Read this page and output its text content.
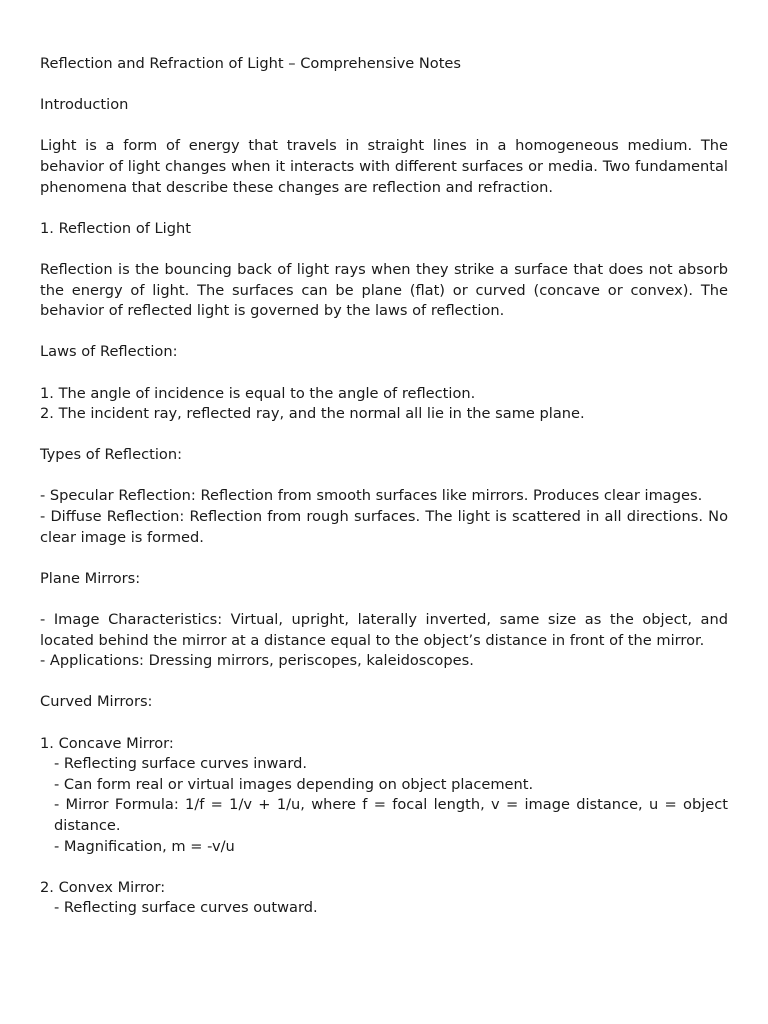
Reflection and Refraction of Light – Comprehensive Notes

Introduction

Light is a form of energy that travels in straight lines in a homogeneous medium. The behavior of light changes when it interacts with different surfaces or media. Two fundamental phenomena that describe these changes are reflection and refraction.

1. Reflection of Light

Reflection is the bouncing back of light rays when they strike a surface that does not absorb the energy of light. The surfaces can be plane (flat) or curved (concave or convex). The behavior of reflected light is governed by the laws of reflection.

Laws of Reflection:

1. The angle of incidence is equal to the angle of reflection.
2. The incident ray, reflected ray, and the normal all lie in the same plane.

Types of Reflection:

- Specular Reflection: Reflection from smooth surfaces like mirrors. Produces clear images.
- Diffuse Reflection: Reflection from rough surfaces. The light is scattered in all directions. No clear image is formed.

Plane Mirrors:

- Image Characteristics: Virtual, upright, laterally inverted, same size as the object, and located behind the mirror at a distance equal to the object’s distance in front of the mirror.
- Applications: Dressing mirrors, periscopes, kaleidoscopes.

Curved Mirrors:

1. Concave Mirror:
- Reflecting surface curves inward.
- Can form real or virtual images depending on object placement.
- Mirror Formula: 1/f = 1/v + 1/u, where f = focal length, v = image distance, u = object distance.
- Magnification, m = -v/u
2. Convex Mirror:
- Reflecting surface curves outward.
